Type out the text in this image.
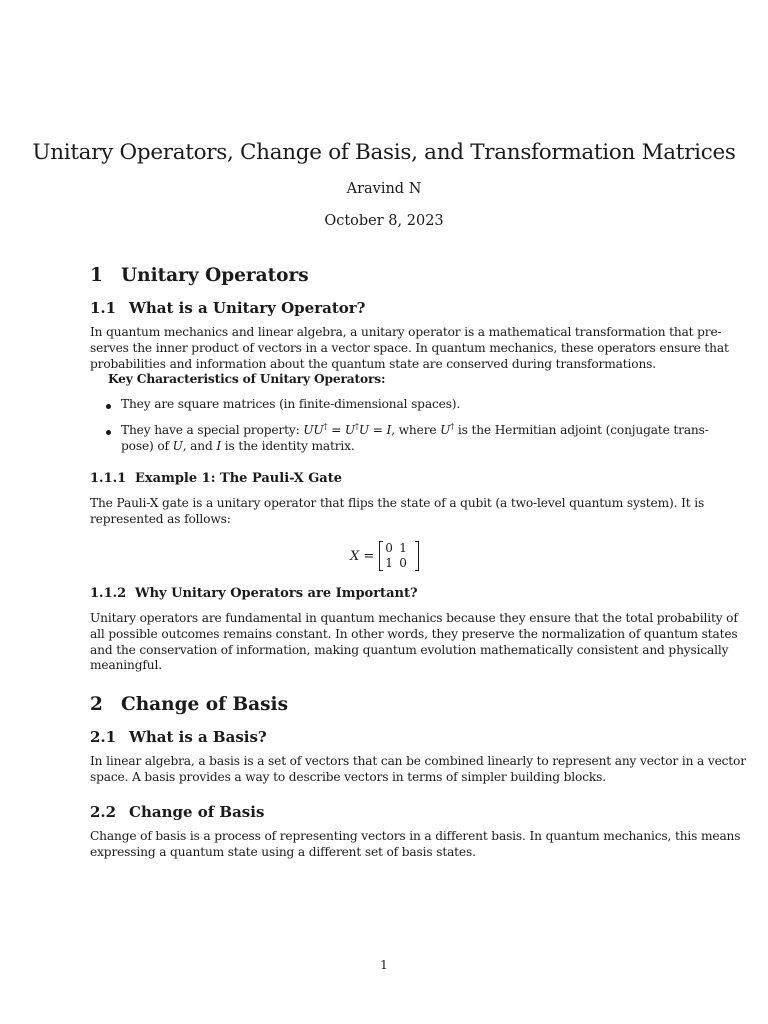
Unitary Operators, Change of Basis, and Transformation Matrices
Aravind N
October 8, 2023
1 Unitary Operators
1.1 What is a Unitary Operator?
In quantum mechanics and linear algebra, a unitary operator is a mathematical transformation that pre-
serves the inner product of vectors in a vector space. In quantum mechanics, these operators ensure that
probabilities and information about the quantum state are conserved during transformations.
Key Characteristics of Unitary Operators:
They are square matrices (in finite-dimensional spaces).
They have a special property: UU† = U†U = I, where U† is the Hermitian adjoint (conjugate trans-
pose) of U, and I is the identity matrix.
1.1.1 Example 1: The Pauli-X Gate
The Pauli-X gate is a unitary operator that flips the state of a qubit (a two-level quantum system). It is
represented as follows:
X =
0 1
1 0
1.1.2 Why Unitary Operators are Important?
Unitary operators are fundamental in quantum mechanics because they ensure that the total probability of
all possible outcomes remains constant. In other words, they preserve the normalization of quantum states
and the conservation of information, making quantum evolution mathematically consistent and physically
meaningful.
2 Change of Basis
2.1 What is a Basis?
In linear algebra, a basis is a set of vectors that can be combined linearly to represent any vector in a vector
space. A basis provides a way to describe vectors in terms of simpler building blocks.
2.2 Change of Basis
Change of basis is a process of representing vectors in a different basis. In quantum mechanics, this means
expressing a quantum state using a different set of basis states.
1
